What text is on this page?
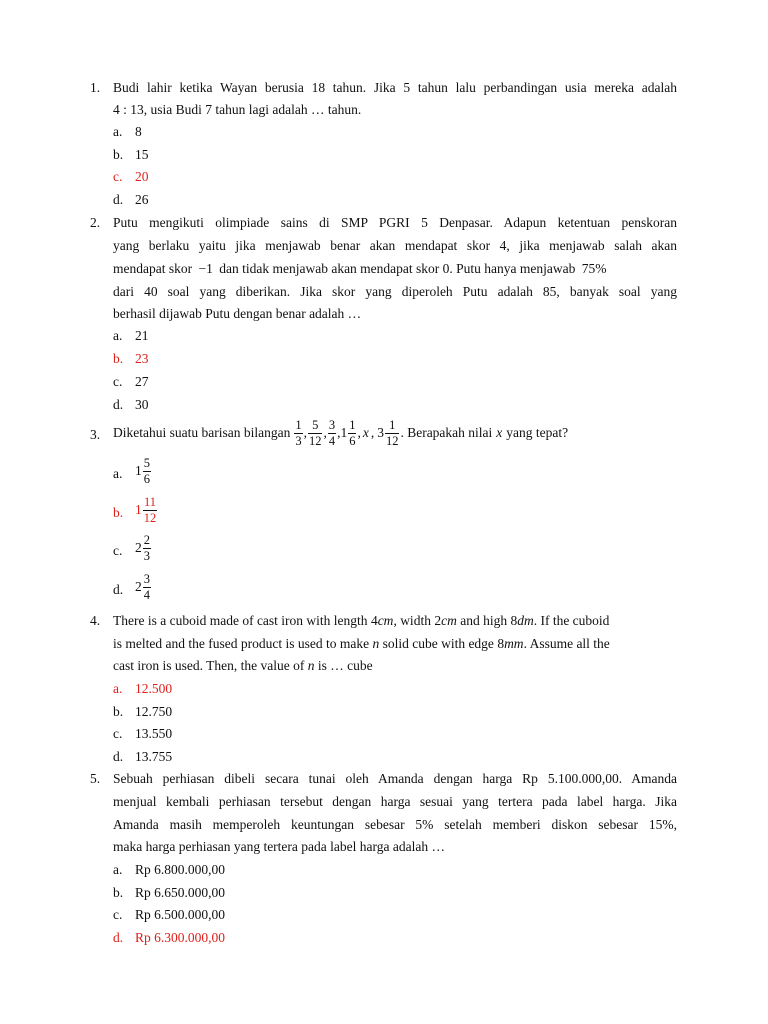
1. Budi lahir ketika Wayan berusia 18 tahun. Jika 5 tahun lalu perbandingan usia mereka adalah
4 : 13, usia Budi 7 tahun lagi adalah … tahun.
a. 8
b. 15
c. 20
d. 26
2. Putu mengikuti olimpiade sains di SMP PGRI 5 Denpasar. Adapun ketentuan penskoran
yang berlaku yaitu jika menjawab benar akan mendapat skor 4, jika menjawab salah akan
mendapat skor −1 dan tidak menjawab akan mendapat skor 0. Putu hanya menjawab 75%
dari 40 soal yang diberikan. Jika skor yang diperoleh Putu adalah 85, banyak soal yang
berhasil dijawab Putu dengan benar adalah …
a. 21
b. 23
c. 27
d. 30
3. Diketahui suatu barisan bilangan $\frac{1}{3}$ , $\frac{5}{12}$ , $\frac{3}{4}$ , $1 \frac{1}{6}$ , x , $3 \frac{1}{12}$ . Berapakah nilai x yang tepat?
a. $1 \frac{5}{6}$
b. $1 \frac{11}{12}$
c. $2 \frac{2}{3}$
d. $2 \frac{3}{4}$
4. There is a cuboid made of cast iron with length 4cm, width 2cm and high 8dm. If the cuboid
is melted and the fused product is used to make n solid cube with edge 8mm. Assume all the
cast iron is used. Then, the value of n is … cube
a. 12.500
b. 12.750
c. 13.550
d. 13.755
5. Sebuah perhiasan dibeli secara tunai oleh Amanda dengan harga Rp 5.100.000,00. Amanda
menjual kembali perhiasan tersebut dengan harga sesuai yang tertera pada label harga. Jika
Amanda masih memperoleh keuntungan sebesar 5% setelah memberi diskon sebesar 15%,
maka harga perhiasan yang tertera pada label harga adalah …
a. Rp 6.800.000,00
b. Rp 6.650.000,00
c. Rp 6.500.000,00
d. Rp 6.300.000,00
